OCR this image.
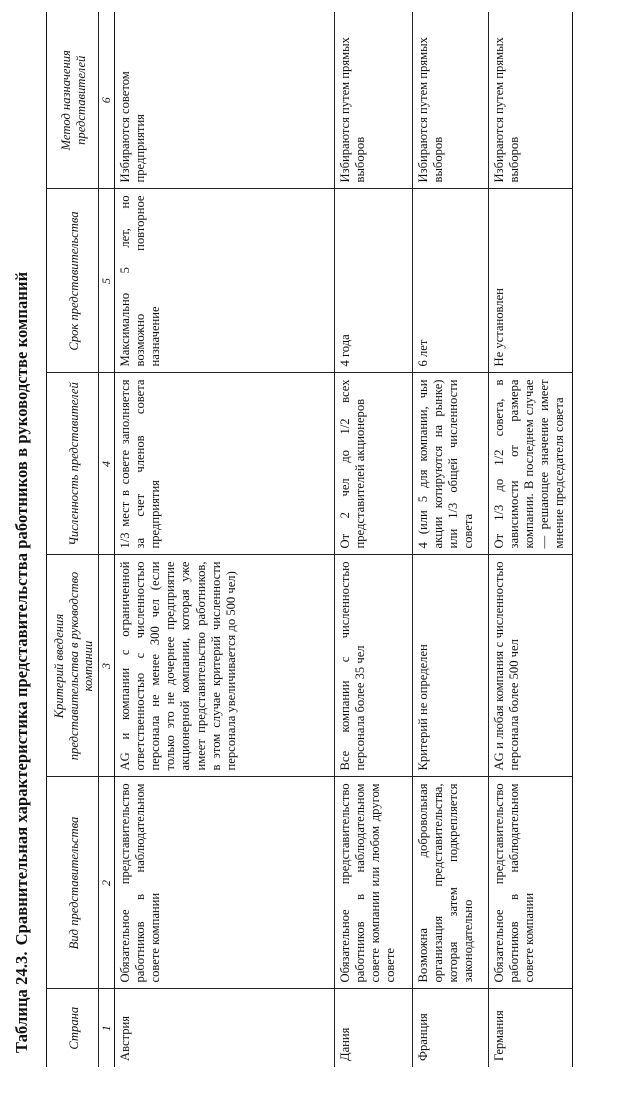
Таблица 24.3.Сравнительная характеристика представительства работников в руководстве компаний
Страна	Вид представительства	Критерий введения представительства в руководство компании	Численность представителей	Срок представительства	Метод назначения представителей
1	2	3	4	5	6
Австрия	Обязательное представительство работников в наблюдательном совете компании	AG и компании с ограниченной ответственностью с численностью персонала не менее 300 чел (если только это не дочернее предприятие акционерной компании, которая уже имеет представительство работников, в этом случае критерий численности персонала увеличивается до 500 чел)	1/3 мест в совете заполняется за счет членов совета предприятия	Максимально 5 лет, но возможно повторное назначение	Избираются советом предприятия
Дания	Обязательное представительство работников в наблюдательном совете компании или любом другом совете	Все компании с численностью персонала более 35 чел	От 2 чел до 1/2 всех представителей акционеров	4 года	Избираются путем прямых выборов
Франция	Возможна добровольная организация представительства, которая затем подкрепляется законодательно	Критерий не определен	4 (или 5 для компании, чьи акции котируются на рынке) или 1/3 общей численности совета	6 лет	Избираются путем прямых выборов
Германия	Обязательное представительство работников в наблюдательном совете компании	AG и любая компания с численностью персонала более 500 чел	От 1/3 до 1/2 совета, в зависимости от размера компании. В последнем случае — решающее значение имеет мнение председателя совета	Не установлен	Избираются путем прямых выборов
